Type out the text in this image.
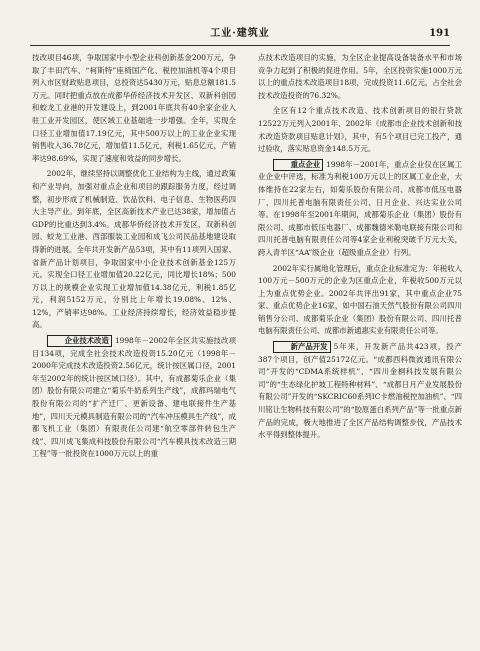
工业·建筑业	191

技改项目46项，争取国家中小型企业科创新基金200万元，争取了丰田汽车、“柯斯特”座椅国产化、税控加油机等4个项目列入市区财政贴息项目，总投资达5430万元，贴息总额181.5万元。同时把重点放在成都华侨经济技术开发区、双新科创园和蛟龙工业港的开发建设上，到2001年底共有40余家企业入驻工业开发园区，使区域工业基础进一步增强。全年，实现全口径工业增加值17.19亿元，其中500万以上的工业企业实现销售收入36.78亿元，增加值11.5亿元，利税1.65亿元，产销率达98.69%，实现了速度和效益的同步增长。

2002年，继续坚持以调整优化工业结构为主线，通过政策和产业导向，加强对重点企业和项目的跟踪服务力度，经过调整，初步形成了机械制造、饮品饮料、电子信息、生物医药四大主导产业。到年底，全区高新技术产业已达38家，增加值占GDP的比重达到3.4%。成都华侨经济技术开发区、双新科创园、蛟龙工业港、西部服装工业园和成飞公司民品基地建设取得新的进展。全年共开发新产品53项，其中有11项列入国家、省新产品计划项目，争取国家中小企业技术创新基金125万元。实现全口径工业增加值20.22亿元，同比增长18%；500万以上的规模企业实现工业增加值14.38亿元，利税1.85亿元，利润5152万元，分别比上年增长19.08%、12%、12%，产销率达98%。工业经济持续增长，经济效益稳步提高。

企业技术改造 1998年－2002年全区共实施技改项目134项，完成全社会技术改造投资15.20亿元（1998年－2000年完成技术改造投资2.56亿元，统计按区属口径，2001年至2002年的统计按区域口径）。其中，有成都菊乐企业（集团）股份有限公司建立“菊乐牛奶系列生产线”，成都玛瑞电气股份有限公司的“扩产迁厂、更新设备、建电联接件生产基地”，四川天元模具制造有限公司的“汽车冲压模具生产线”，成都飞机工业（集团）有限责任公司建“航空零部件转包生产线”、四川成飞集成科技股份有限公司“汽车模具技术改造三期工程”等一批投资在1000万元以上的重

点技术改造项目的实施，为全区企业提高设备装备水平和市场竞争力起到了积极的促进作用。5年，全区投资实施1000万元以上的重点技术改造项目18项，完成投资11.6亿元，占全社会技术改造投资的76.32%。

全区有12个重点技术改造、技术创新项目的银行贷款12522万元列入2001年、2002年《成都市企业技术创新和技术改造贷款项目贴息计划》，其中，有5个项目已完工投产，通过验收，落实贴息资金148.5万元。

重点企业 1998年－2001年，重点企业仅在区属工业企业中评选，标准为利税100万元以上的区属工业企业，大体维持在22家左右，如菊乐股份有限公司、成都市低压电器厂、四川托普电脑有限责任公司、日月企业、兴达实业公司等。在1998年至2001年期间，成都菊乐企业（集团）股份有限公司、成都市低压电器厂、成都魏德米勒电联接有限公司和四川托普电脑有限责任公司等4家企业利税突破千万元大关，跨入青羊区“AA”级企业（超级重点企业）行列。

2002年实行属地化管理后，重点企业标准定为：年税收入100万元－500万元的企业为区重点企业，年税收500万元以上为重点优势企业。2002年共评出91家，其中重点企业75家、重点优势企业16家，如中国石油天然气股份有限公司四川销售分公司、成都菊乐企业（集团）股份有限公司、四川托普电脑有限责任公司、成都市新通惠实业有限责任公司等。

新产品开发 5年来，开发新产品共423项，投产387个项目，创产值25172亿元。“成都西科微波通讯有限公司”开发的“CDMA系统样机”、“四川金桐科技发展有限公司”的“生态绿化护坡工程特种材料”、“成都日月产业发展股份有限公司”开发的“SKCRIC60系列IC卡燃油税控加油机”、“四川铭让生物科技有限公司”的“胶原蛋白系列产品”等一批重点新产品的完成，极大地推进了全区产品结构调整步伐，产品技术水平得到整体提升。
